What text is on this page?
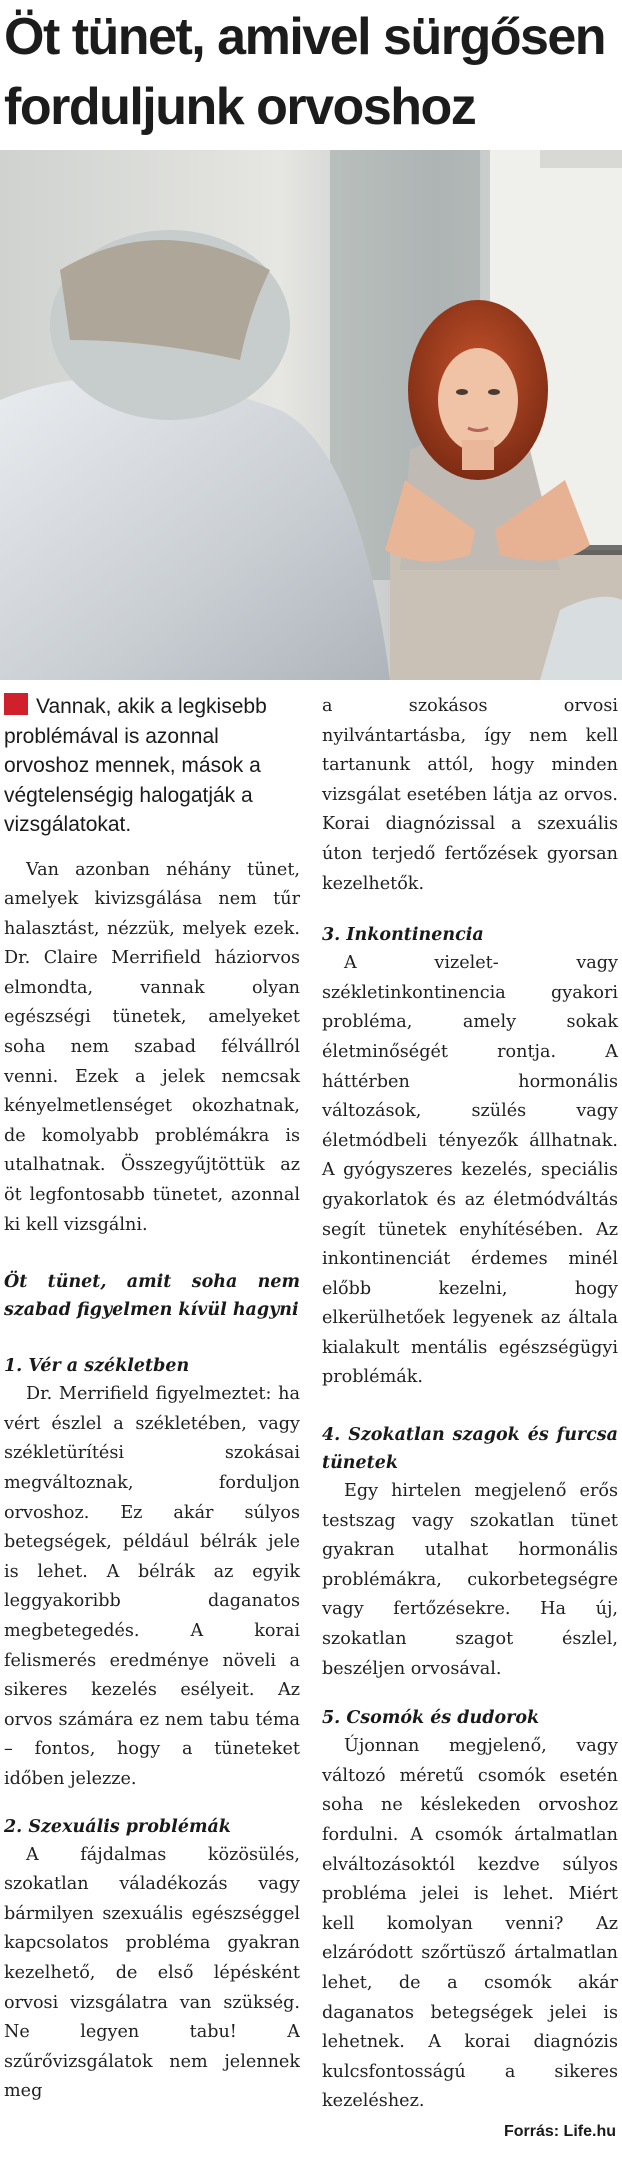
Öt tünet, amivel sürgősen forduljunk orvoshoz
Vannak, akik a legkisebb problémával is azonnal orvoshoz mennek, mások a végtelenségig halogatják a vizsgálatokat.
Van azonban néhány tünet, amelyek kivizsgálása nem tűr halasztást, nézzük, melyek ezek. Dr. Claire Merrifield háziorvos elmondta, vannak olyan egészségi tünetek, amelyeket soha nem szabad félvállról venni. Ezek a jelek nemcsak kényelmetlenséget okozhatnak, de komolyabb problémákra is utalhatnak. Összegyűjtöttük az öt legfontosabb tünetet, azonnal ki kell vizsgálni.
Öt tünet, amit soha nem szabad figyelmen kívül hagyni
1. Vér a székletben
Dr. Merrifield figyelmeztet: ha vért észlel a székletében, vagy székletürítési szokásai megváltoznak, forduljon orvoshoz. Ez akár súlyos betegségek, például bélrák jele is lehet. A bélrák az egyik leggyakoribb daganatos megbetegedés. A korai felismerés eredménye növeli a sikeres kezelés esélyeit. Az orvos számára ez nem tabu téma – fontos, hogy a tüneteket időben jelezze.
2. Szexuális problémák
A fájdalmas közösülés, szokatlan váladékozás vagy bármilyen szexuális egészséggel kapcsolatos probléma gyakran kezelhető, de első lépésként orvosi vizsgálatra van szükség. Ne legyen tabu! A szűrővizsgálatok nem jelennek meg
a szokásos orvosi nyilvántartásba, így nem kell tartanunk attól, hogy minden vizsgálat esetében látja az orvos. Korai diagnózissal a szexuális úton terjedő fertőzések gyorsan kezelhetők.
3. Inkontinencia
A vizelet- vagy székletinkontinencia gyakori probléma, amely sokak életminőségét rontja. A háttérben hormonális változások, szülés vagy életmódbeli tényezők állhatnak. A gyógyszeres kezelés, speciális gyakorlatok és az életmódváltás segít tünetek enyhítésében. Az inkontinenciát érdemes minél előbb kezelni, hogy elkerülhetőek legyenek az általa kialakult mentális egészségügyi problémák.
4. Szokatlan szagok és furcsa tünetek
Egy hirtelen megjelenő erős testszag vagy szokatlan tünet gyakran utalhat hormonális problémákra, cukorbetegségre vagy fertőzésekre. Ha új, szokatlan szagot észlel, beszéljen orvosával.
5. Csomók és dudorok
Újonnan megjelenő, vagy változó méretű csomók esetén soha ne késlekeden orvoshoz fordulni. A csomók ártalmatlan elváltozásoktól kezdve súlyos probléma jelei is lehet. Miért kell komolyan venni? Az elzáródott szőrtüsző ártalmatlan lehet, de a csomók akár daganatos betegségek jelei is lehetnek. A korai diagnózis kulcsfontosságú a sikeres kezeléshez.
Forrás: Life.hu
